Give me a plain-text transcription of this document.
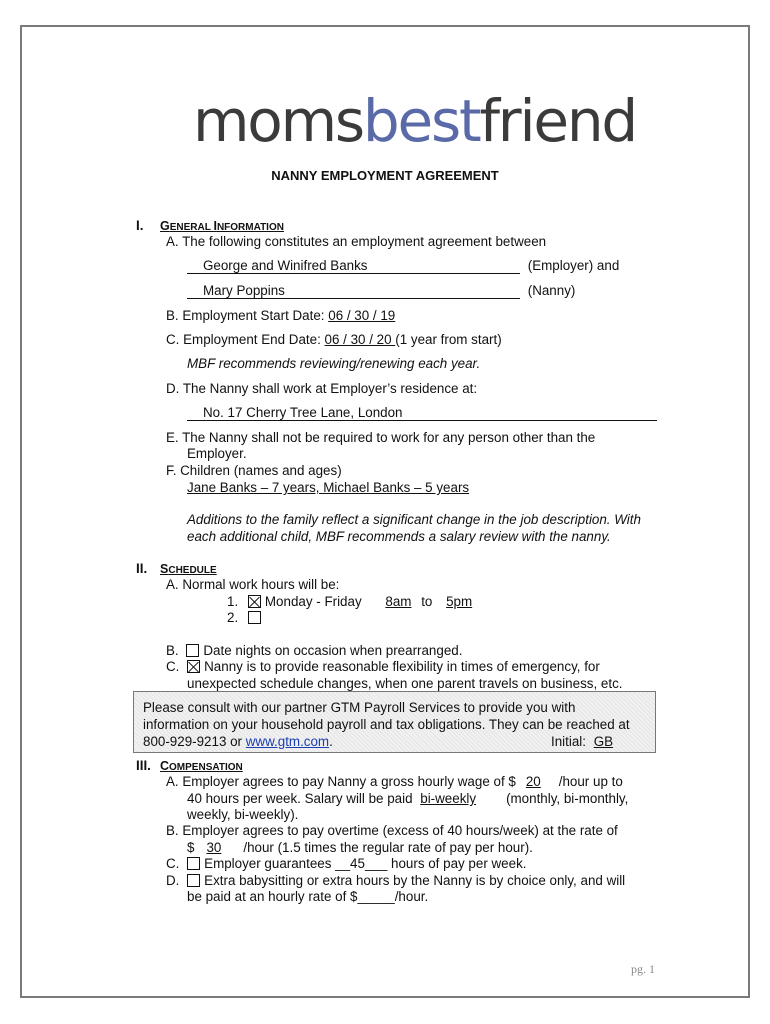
momsbestfriend
NANNY EMPLOYMENT AGREEMENT
I. GENERAL INFORMATION
A. The following constitutes an employment agreement between
George and Winifred Banks	(Employer) and
Mary Poppins	(Nanny)
B. Employment Start Date: 06 / 30 / 19
C. Employment End Date: 06 / 30 / 20 (1 year from start)
MBF recommends reviewing/renewing each year.
D. The Nanny shall work at Employer’s residence at:
No. 17 Cherry Tree Lane, London
E. The Nanny shall not be required to work for any person other than the
Employer.
F. Children (names and ages)
Jane Banks – 7 years, Michael Banks – 5 years
Additions to the family reflect a significant change in the job description. With
each additional child, MBF recommends a salary review with the nanny.
II. SCHEDULE
A. Normal work hours will be:
1. Monday - Friday 8am to 5pm
2.
B. Date nights on occasion when prearranged.
C. Nanny is to provide reasonable flexibility in times of emergency, for
unexpected schedule changes, when one parent travels on business, etc.
Please consult with our partner GTM Payroll Services to provide you with
information on your household payroll and tax obligations. They can be reached at
800-929-9213 or www.gtm.com.	Initial: GB
III. COMPENSATION
A. Employer agrees to pay Nanny a gross hourly wage of $ 20 /hour up to
40 hours per week. Salary will be paid bi-weekly (monthly, bi-monthly,
weekly, bi-weekly).
B. Employer agrees to pay overtime (excess of 40 hours/week) at the rate of
$ 30 /hour (1.5 times the regular rate of pay per hour).
C. Employer guarantees __45___ hours of pay per week.
D. Extra babysitting or extra hours by the Nanny is by choice only, and will
be paid at an hourly rate of $_____/hour.
pg. 1
